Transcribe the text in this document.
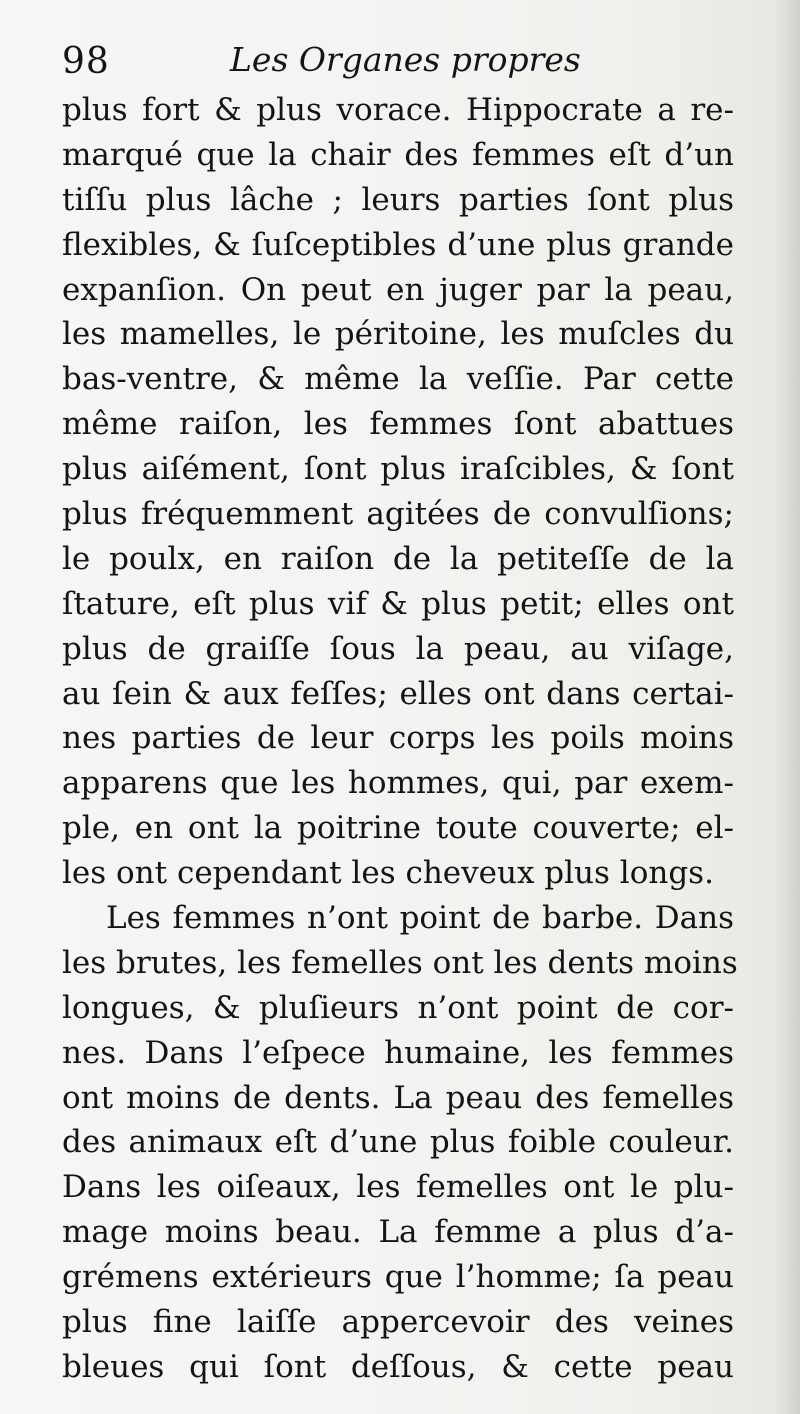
98	Les Organes propres
plus fort & plus vorace. Hippocrate a re-
marqué que la chair des femmes eſt d’un
tiſſu plus lâche ; leurs parties ſont plus
flexibles, & ſuſceptibles d’une plus grande
expanſion. On peut en juger par la peau,
les mamelles, le péritoine, les muſcles du
bas-ventre, & même la veſſie. Par cette
même raiſon, les femmes ſont abattues
plus aiſément, ſont plus iraſcibles, & ſont
plus fréquemment agitées de convulſions;
le poulx, en raiſon de la petiteſſe de la
ſtature, eſt plus vif & plus petit; elles ont
plus de graiſſe ſous la peau, au viſage,
au ſein & aux feſſes; elles ont dans certai-
nes parties de leur corps les poils moins
apparens que les hommes, qui, par exem-
ple, en ont la poitrine toute couverte; el-
les ont cependant les cheveux plus longs.
Les femmes n’ont point de barbe. Dans
les brutes, les femelles ont les dents moins
longues, & pluſieurs n’ont point de cor-
nes. Dans l’eſpece humaine, les femmes
ont moins de dents. La peau des femelles
des animaux eſt d’une plus foible couleur.
Dans les oiſeaux, les femelles ont le plu-
mage moins beau. La femme a plus d’a-
grémens extérieurs que l’homme; ſa peau
plus fine laiſſe appercevoir des veines
bleues qui ſont deſſous, & cette peau
